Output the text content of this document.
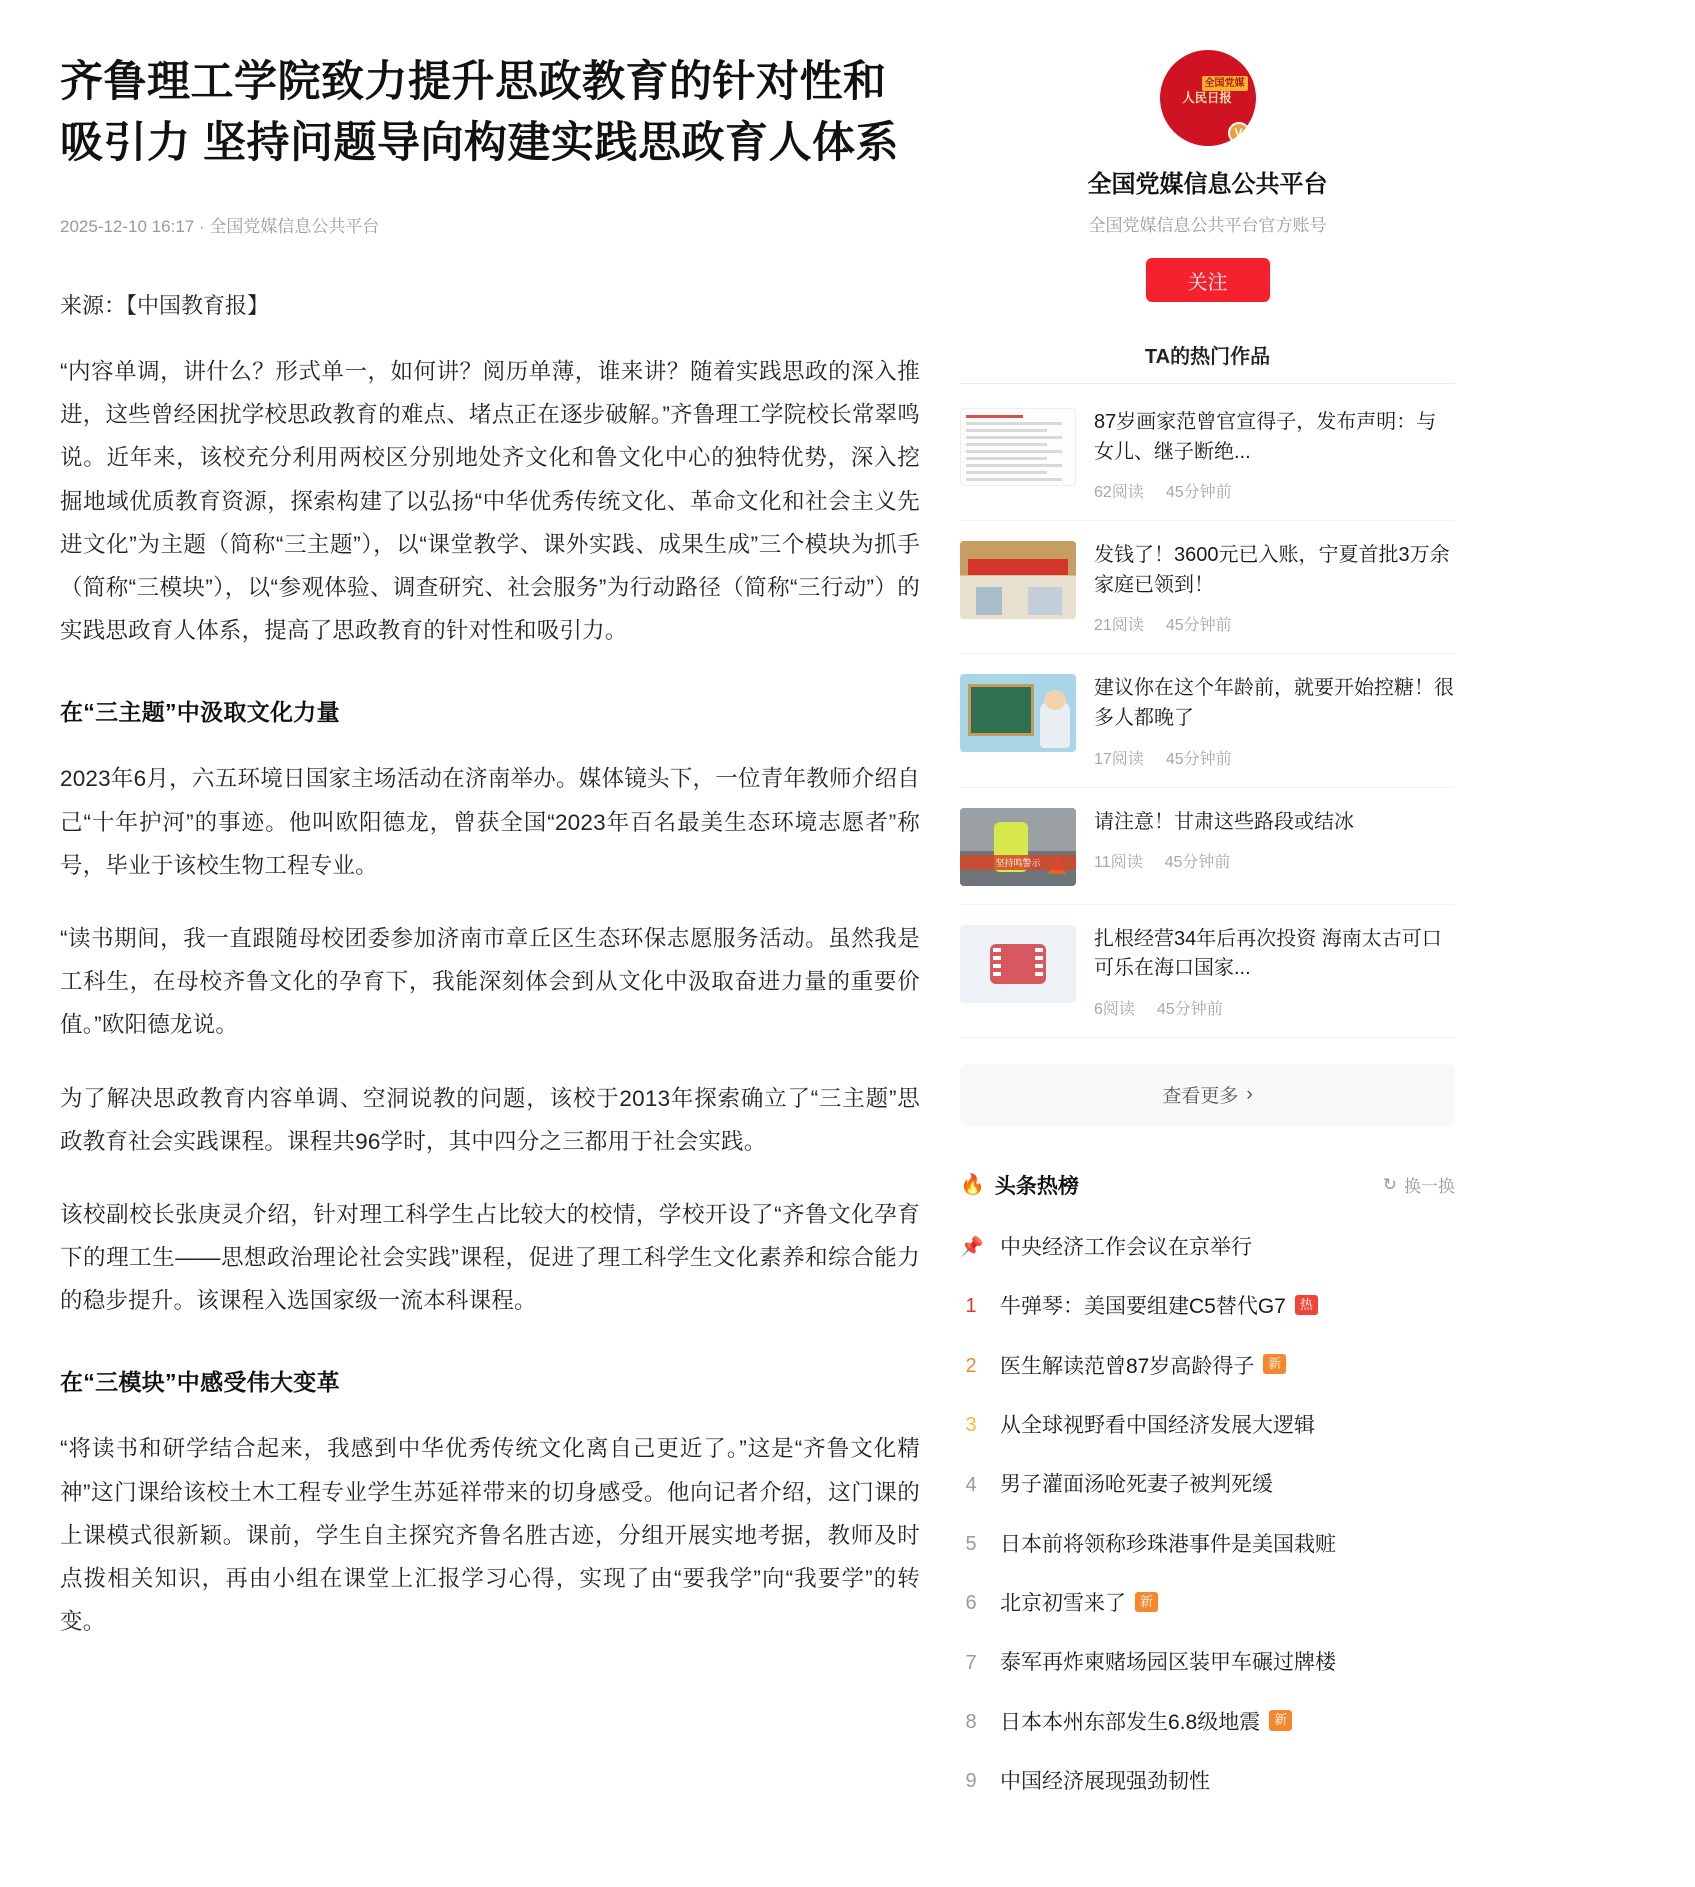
齐鲁理工学院致力提升思政教育的针对性和吸引力 坚持问题导向构建实践思政育人体系
2025-12-10 16:17 · 全国党媒信息公共平台
来源：【中国教育报】

“内容单调，讲什么？形式单一，如何讲？阅历单薄，谁来讲？随着实践思政的深入推进，这些曾经困扰学校思政教育的难点、堵点正在逐步破解。”齐鲁理工学院校长常翠鸣说。近年来，该校充分利用两校区分别地处齐文化和鲁文化中心的独特优势，深入挖掘地域优质教育资源，探索构建了以弘扬“中华优秀传统文化、革命文化和社会主义先进文化”为主题（简称“三主题”），以“课堂教学、课外实践、成果生成”三个模块为抓手（简称“三模块”），以“参观体验、调查研究、社会服务”为行动路径（简称“三行动”）的实践思政育人体系，提高了思政教育的针对性和吸引力。

在“三主题”中汲取文化力量

2023年6月，六五环境日国家主场活动在济南举办。媒体镜头下，一位青年教师介绍自己“十年护河”的事迹。他叫欧阳德龙，曾获全国“2023年百名最美生态环境志愿者”称号，毕业于该校生物工程专业。

“读书期间，我一直跟随母校团委参加济南市章丘区生态环保志愿服务活动。虽然我是工科生，在母校齐鲁文化的孕育下，我能深刻体会到从文化中汲取奋进力量的重要价值。”欧阳德龙说。

为了解决思政教育内容单调、空洞说教的问题，该校于2013年探索确立了“三主题”思政教育社会实践课程。课程共96学时，其中四分之三都用于社会实践。

该校副校长张庚灵介绍，针对理工科学生占比较大的校情，学校开设了“齐鲁文化孕育下的理工生——思想政治理论社会实践”课程，促进了理工科学生文化素养和综合能力的稳步提升。该课程入选国家级一流本科课程。

在“三模块”中感受伟大变革

“将读书和研学结合起来，我感到中华优秀传统文化离自己更近了。”这是“齐鲁文化精神”这门课给该校土木工程专业学生苏延祥带来的切身感受。他向记者介绍，这门课的上课模式很新颖。课前，学生自主探究齐鲁名胜古迹，分组开展实地考据，教师及时点拨相关知识，再由小组在课堂上汇报学习心得，实现了由“要我学”向“我要学”的转变。

人民日报
全国党媒
V
全国党媒信息公共平台
全国党媒信息公共平台官方账号
关注
TA的热门作品
87岁画家范曾官宣得子，发布声明：与女儿、继子断绝...
62阅读 45分钟前
发钱了！3600元已入账，宁夏首批3万余家庭已领到！
21阅读 45分钟前
建议你在这个年龄前，就要开始控糖！很多人都晚了
17阅读 45分钟前
坚持鸣警示
请注意！甘肃这些路段或结冰
11阅读 45分钟前
扎根经营34年后再次投资 海南太古可口可乐在海口国家...
6阅读 45分钟前
查看更多 ›
🔥 头条热榜	↻ 换一换
📌 中央经济工作会议在京举行
1 牛弹琴：美国要组建C5替代G7	热
2 医生解读范曾87岁高龄得子	新
3 从全球视野看中国经济发展大逻辑
4 男子灌面汤呛死妻子被判死缓
5 日本前将领称珍珠港事件是美国栽赃
6 北京初雪来了	新
7 泰军再炸柬赌场园区装甲车碾过牌楼
8 日本本州东部发生6.8级地震	新
9 中国经济展现强劲韧性
